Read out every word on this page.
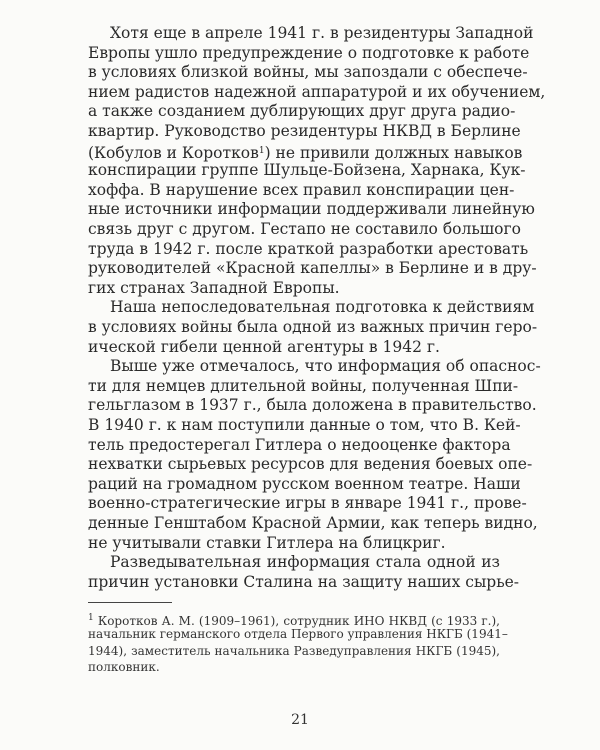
Хотя еще в апреле 1941 г. в резидентуры Западной
Европы ушло предупреждение о подготовке к работе
в условиях близкой войны, мы запоздали с обеспече-
нием радистов надежной аппаратурой и их обучением,
а также созданием дублирующих друг друга радио-
квартир. Руководство резидентуры НКВД в Берлине
(Кобулов и Коротков$^1$) не привили должных навыков
конспирации группе Шульце-Бойзена, Харнака, Кук-
хоффа. В нарушение всех правил конспирации цен-
ные источники информации поддерживали линейную
связь друг с другом. Гестапо не составило большого
труда в 1942 г. после краткой разработки арестовать
руководителей «Красной капеллы» в Берлине и в дру-
гих странах Западной Европы.
Наша непоследовательная подготовка к действиям
в условиях войны была одной из важных причин геро-
ической гибели ценной агентуры в 1942 г.
Выше уже отмечалось, что информация об опаснос-
ти для немцев длительной войны, полученная Шпи-
гельглазом в 1937 г., была доложена в правительство.
В 1940 г. к нам поступили данные о том, что В. Кей-
тель предостерегал Гитлера о недооценке фактора
нехватки сырьевых ресурсов для ведения боевых опе-
раций на громадном русском военном театре. Наши
военно-стратегические игры в январе 1941 г., прове-
денные Генштабом Красной Армии, как теперь видно,
не учитывали ставки Гитлера на блицкриг.
Разведывательная информация стала одной из
причин установки Сталина на защиту наших сырье-
$^1$ Коротков А. М. (1909–1961), сотрудник ИНО НКВД (с 1933 г.),
начальник германского отдела Первого управления НКГБ (1941–
1944), заместитель начальника Разведуправления НКГБ (1945),
полковник.
21
